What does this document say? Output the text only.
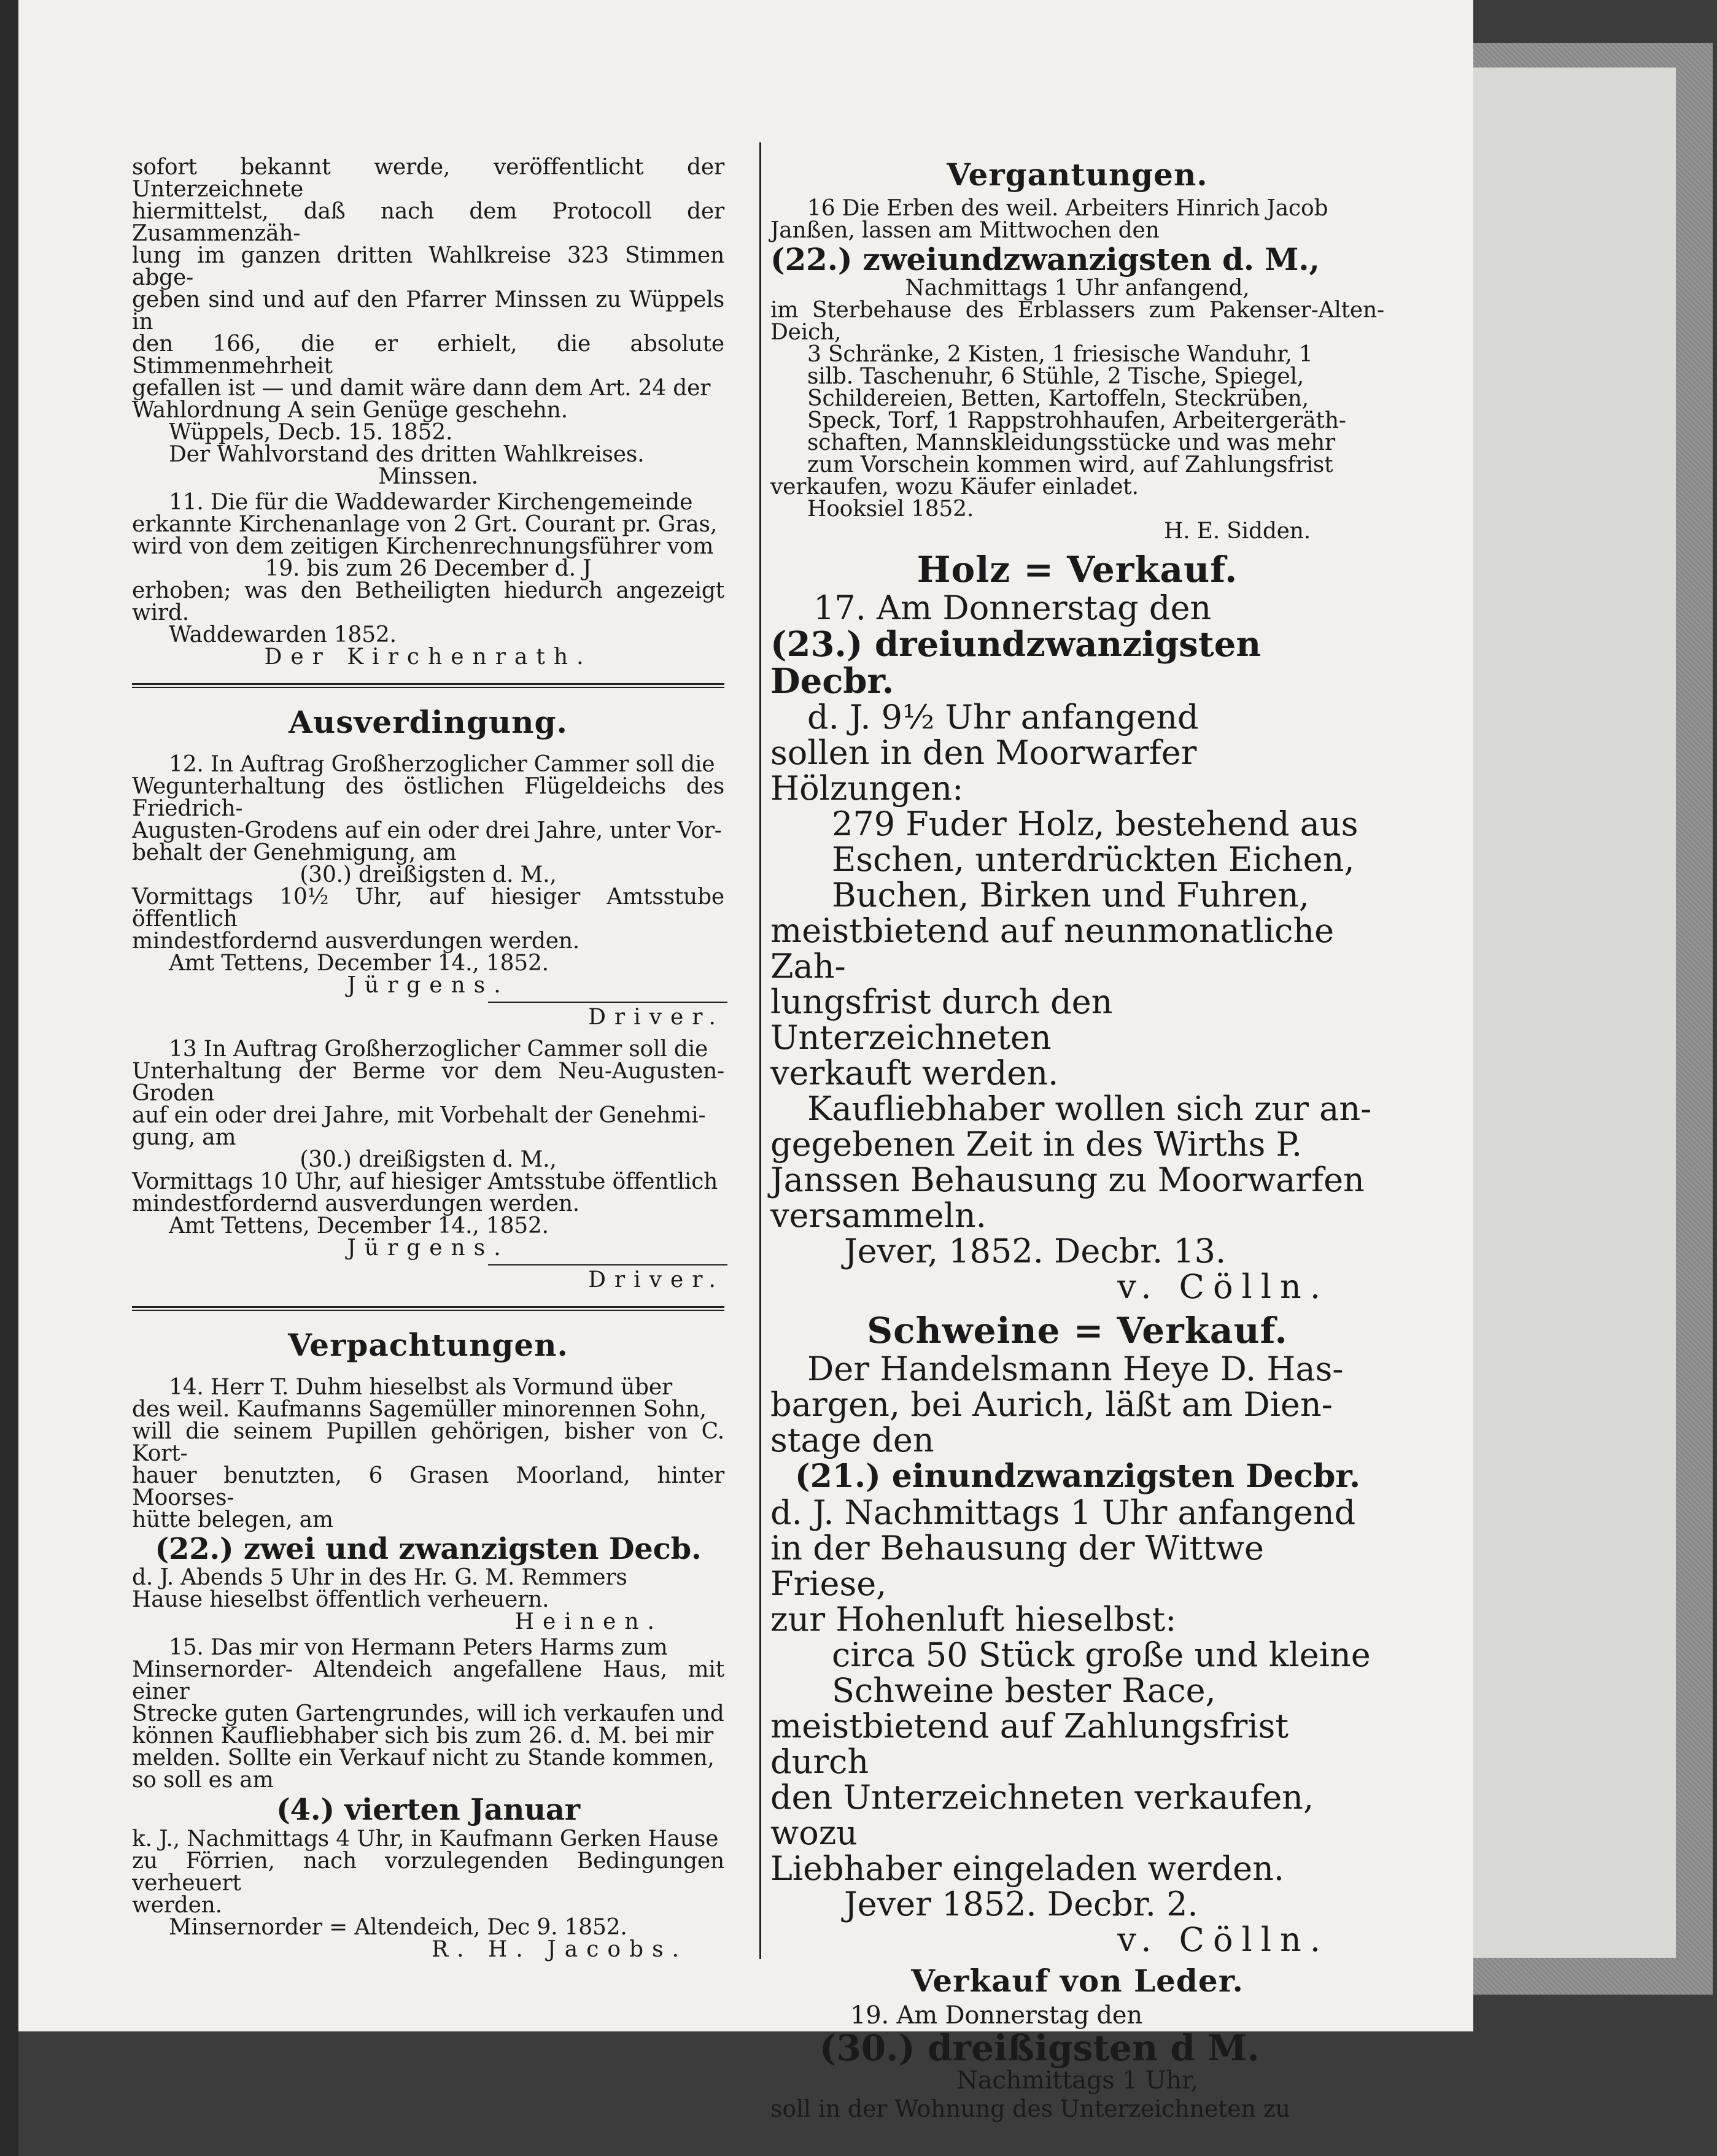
sofort bekannt werde, veröffentlicht der Unterzeichnete

hiermittelst, daß nach dem Protocoll der Zusammenzäh-

lung im ganzen dritten Wahlkreise 323 Stimmen abge-

geben sind und auf den Pfarrer Minssen zu Wüppels in

den 166, die er erhielt, die absolute Stimmenmehrheit

gefallen ist — und damit wäre dann dem Art. 24 der

Wahlordnung A sein Genüge geschehn.

Wüppels, Decb. 15. 1852.

Der Wahlvorstand des dritten Wahlkreises.

Minssen.

11. Die für die Waddewarder Kirchengemeinde

erkannte Kirchenanlage von 2 Grt. Courant pr. Gras,

wird von dem zeitigen Kirchenrechnungsführer vom

19. bis zum 26 December d. J

erhoben; was den Betheiligten hiedurch angezeigt wird.

Waddewarden 1852.

Der Kirchenrath.

Ausverdingung.

12. In Auftrag Großherzoglicher Cammer soll die

Wegunterhaltung des östlichen Flügeldeichs des Friedrich-

Augusten-Grodens auf ein oder drei Jahre, unter Vor-

behalt der Genehmigung, am

(30.) dreißigsten d. M.,

Vormittags 10½ Uhr, auf hiesiger Amtsstube öffentlich

mindestfordernd ausverdungen werden.

Amt Tettens, December 14., 1852.

Jürgens.

Driver.

13 In Auftrag Großherzoglicher Cammer soll die

Unterhaltung der Berme vor dem Neu-Augusten-Groden

auf ein oder drei Jahre, mit Vorbehalt der Genehmi-

gung, am

(30.) dreißigsten d. M.,

Vormittags 10 Uhr, auf hiesiger Amtsstube öffentlich

mindestfordernd ausverdungen werden.

Amt Tettens, December 14., 1852.

Jürgens.

Driver.

Verpachtungen.

14. Herr T. Duhm hieselbst als Vormund über

des weil. Kaufmanns Sagemüller minorennen Sohn,

will die seinem Pupillen gehörigen, bisher von C. Kort-

hauer benutzten, 6 Grasen Moorland, hinter Moorses-

hütte belegen, am

(22.) zwei und zwanzigsten Decb.

d. J. Abends 5 Uhr in des Hr. G. M. Remmers

Hause hieselbst öffentlich verheuern.

Heinen.

15. Das mir von Hermann Peters Harms zum

Minsernorder- Altendeich angefallene Haus, mit einer

Strecke guten Gartengrundes, will ich verkaufen und

können Kaufliebhaber sich bis zum 26. d. M. bei mir

melden. Sollte ein Verkauf nicht zu Stande kommen,

so soll es am

(4.) vierten Januar

k. J., Nachmittags 4 Uhr, in Kaufmann Gerken Hause

zu Förrien, nach vorzulegenden Bedingungen verheuert

werden.

Minsernorder = Altendeich, Dec 9. 1852.

R. H. Jacobs.

Vergantungen.

16 Die Erben des weil. Arbeiters Hinrich Jacob

Janßen, lassen am Mittwochen den

(22.) zweiundzwanzigsten d. M.,

Nachmittags 1 Uhr anfangend,

im Sterbehause des Erblassers zum Pakenser-Alten-Deich,

3 Schränke, 2 Kisten, 1 friesische Wanduhr, 1

silb. Taschenuhr, 6 Stühle, 2 Tische, Spiegel,

Schildereien, Betten, Kartoffeln, Steckrüben,

Speck, Torf, 1 Rappstrohhaufen, Arbeitergeräth-

schaften, Mannskleidungsstücke und was mehr

zum Vorschein kommen wird, auf Zahlungsfrist

verkaufen, wozu Käufer einladet.

Hooksiel 1852.

H. E. Sidden.

Holz = Verkauf.

17. Am Donnerstag den

(23.) dreiundzwanzigsten Decbr.

d. J. 9½ Uhr anfangend

sollen in den Moorwarfer Hölzungen:

279 Fuder Holz, bestehend aus

Eschen, unterdrückten Eichen,

Buchen, Birken und Fuhren,

meistbietend auf neunmonatliche Zah-

lungsfrist durch den Unterzeichneten

verkauft werden.

Kaufliebhaber wollen sich zur an-

gegebenen Zeit in des Wirths P.

Janssen Behausung zu Moorwarfen

versammeln.

Jever, 1852. Decbr. 13.

v. Cölln.

Schweine = Verkauf.

Der Handelsmann Heye D. Has-

bargen, bei Aurich, läßt am Dien-

stage den

(21.) einundzwanzigsten Decbr.

d. J. Nachmittags 1 Uhr anfangend

in der Behausung der Wittwe Friese,

zur Hohenluft hieselbst:

circa 50 Stück große und kleine

Schweine bester Race,

meistbietend auf Zahlungsfrist durch

den Unterzeichneten verkaufen, wozu

Liebhaber eingeladen werden.

Jever 1852. Decbr. 2.

v. Cölln.

Verkauf von Leder.

19. Am Donnerstag den

(30.) dreißigsten d M.

Nachmittags 1 Uhr,

soll in der Wohnung des Unterzeichneten zu
